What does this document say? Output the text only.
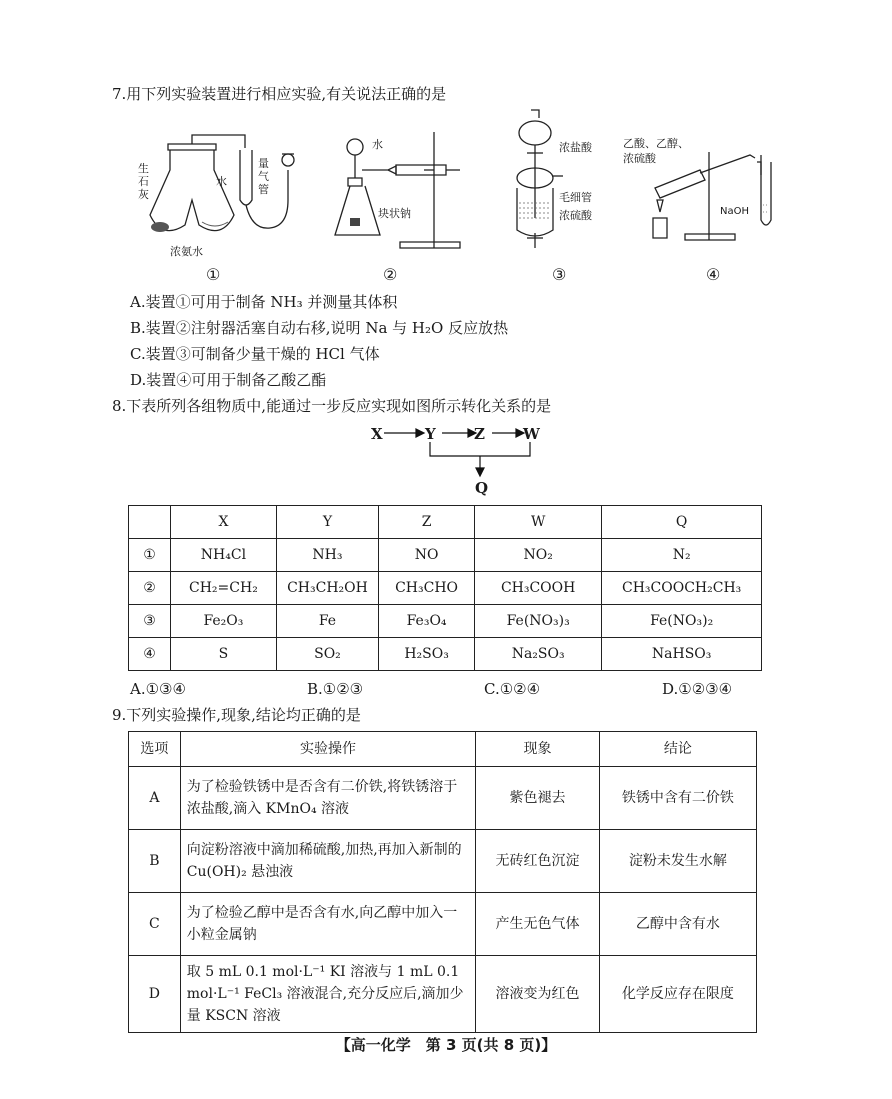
7.用下列实验装置进行相应实验,有关说法正确的是
生
石
灰
水
量
气
管
浓氨水
①
水
块状钠
②
浓盐酸
毛细管
浓硫酸
③
乙酸、乙醇、
浓硫酸
NaOH
④
A.装置①可用于制备 NH₃ 并测量其体积
B.装置②注射器活塞自动右移,说明 Na 与 H₂O 反应放热
C.装置③可制备少量干燥的 HCl 气体
D.装置④可用于制备乙酸乙酯
8.下表所列各组物质中,能通过一步反应实现如图所示转化关系的是
X	Y	Z	W
Q
	X	Y	Z	W	Q
①	NH₄Cl	NH₃	NO	NO₂	N₂
②	CH₂=CH₂	CH₃CH₂OH	CH₃CHO	CH₃COOH	CH₃COOCH₂CH₃
③	Fe₂O₃	Fe	Fe₃O₄	Fe(NO₃)₃	Fe(NO₃)₂
④	S	SO₂	H₂SO₃	Na₂SO₃	NaHSO₃
A.①③④	B.①②③	C.①②④	D.①②③④
9.下列实验操作,现象,结论均正确的是
选项	实验操作	现象	结论
A	为了检验铁锈中是否含有二价铁,将铁锈溶于浓盐酸,滴入 KMnO₄ 溶液	紫色褪去	铁锈中含有二价铁
B	向淀粉溶液中滴加稀硫酸,加热,再加入新制的 Cu(OH)₂ 悬浊液	无砖红色沉淀	淀粉未发生水解
C	为了检验乙醇中是否含有水,向乙醇中加入一小粒金属钠	产生无色气体	乙醇中含有水
D	取 5 mL 0.1 mol·L⁻¹ KI 溶液与 1 mL 0.1 mol·L⁻¹ FeCl₃ 溶液混合,充分反应后,滴加少量 KSCN 溶液	溶液变为红色	化学反应存在限度
【高一化学　第 3 页(共 8 页)】
